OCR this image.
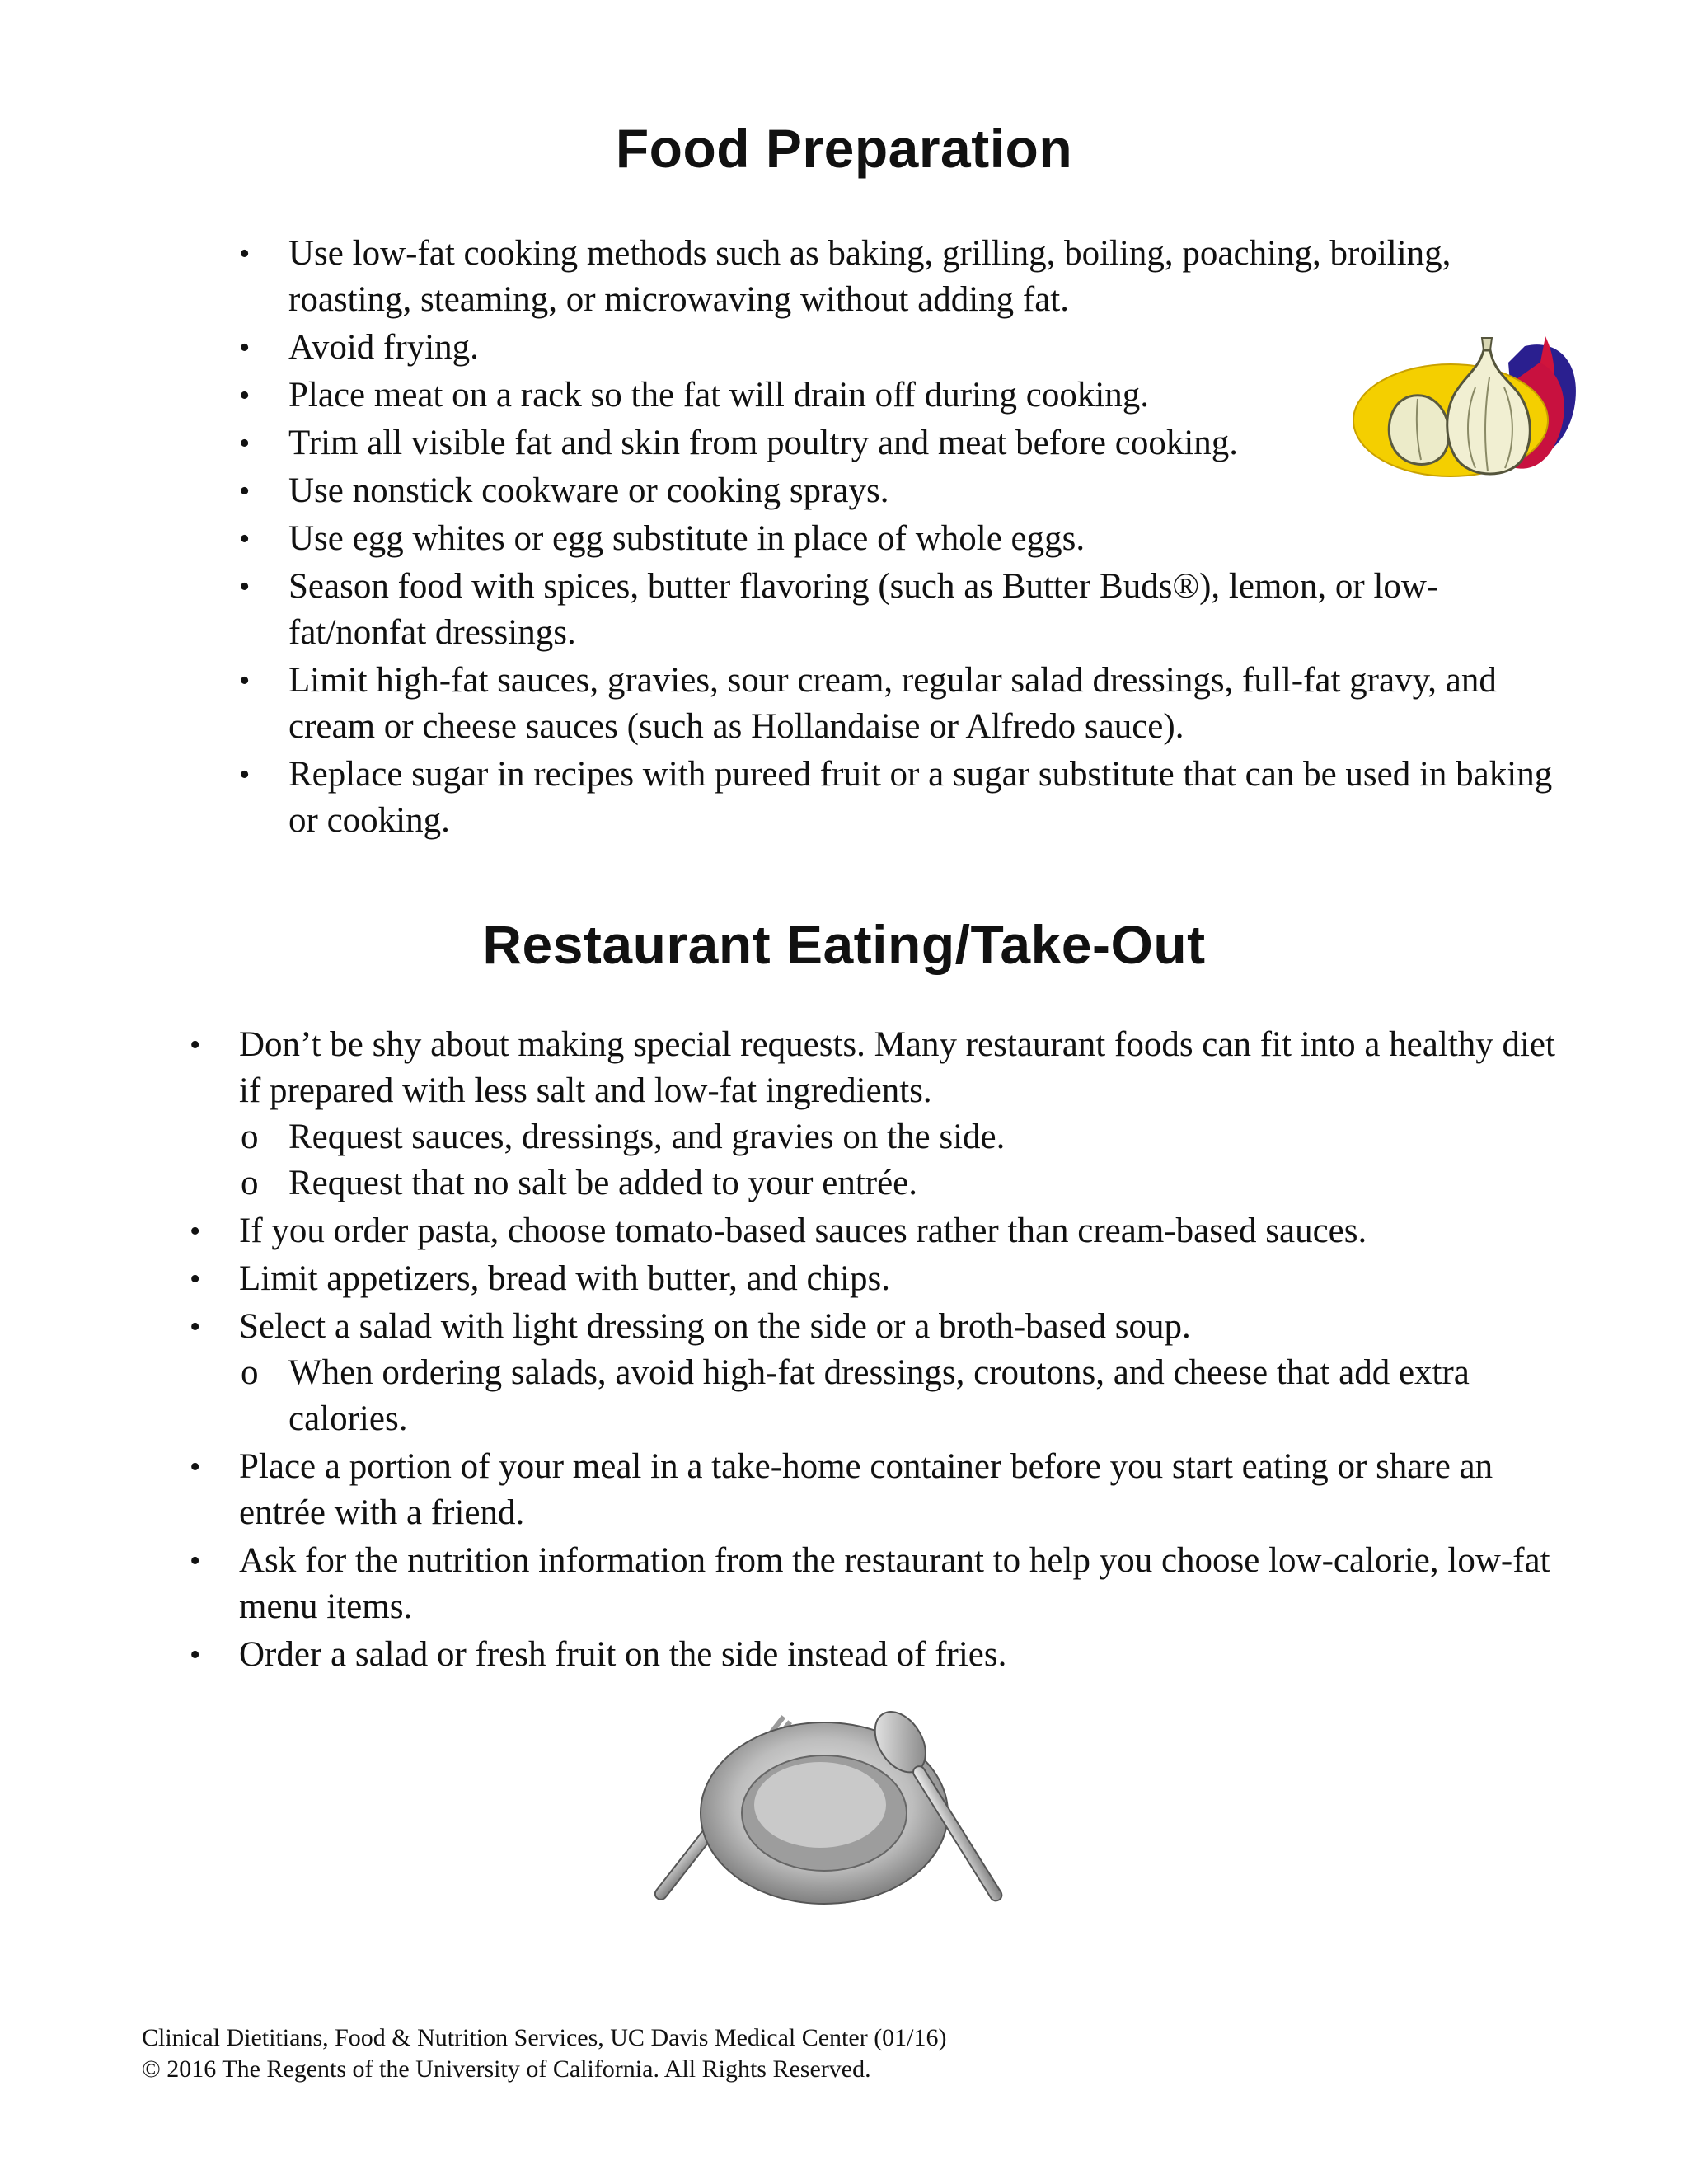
Food Preparation
• Use low-fat cooking methods such as baking, grilling, boiling, poaching, broiling, roasting, steaming, or microwaving without adding fat.
• Avoid frying.
• Place meat on a rack so the fat will drain off during cooking.
• Trim all visible fat and skin from poultry and meat before cooking.
• Use nonstick cookware or cooking sprays.
• Use egg whites or egg substitute in place of whole eggs.
• Season food with spices, butter flavoring (such as Butter Buds®), lemon, or low-fat/nonfat dressings.
• Limit high-fat sauces, gravies, sour cream, regular salad dressings, full-fat gravy, and cream or cheese sauces (such as Hollandaise or Alfredo sauce).
• Replace sugar in recipes with pureed fruit or a sugar substitute that can be used in baking or cooking.
Restaurant Eating/Take-Out
• Don’t be shy about making special requests. Many restaurant foods can fit into a healthy diet if prepared with less salt and low-fat ingredients.
o Request sauces, dressings, and gravies on the side.
o Request that no salt be added to your entrée.
• If you order pasta, choose tomato-based sauces rather than cream-based sauces.
• Limit appetizers, bread with butter, and chips.
• Select a salad with light dressing on the side or a broth-based soup.
o When ordering salads, avoid high-fat dressings, croutons, and cheese that add extra calories.
• Place a portion of your meal in a take-home container before you start eating or share an entrée with a friend.
• Ask for the nutrition information from the restaurant to help you choose low-calorie, low-fat menu items.
• Order a salad or fresh fruit on the side instead of fries.
Clinical Dietitians, Food & Nutrition Services, UC Davis Medical Center (01/16)
© 2016 The Regents of the University of California. All Rights Reserved.
